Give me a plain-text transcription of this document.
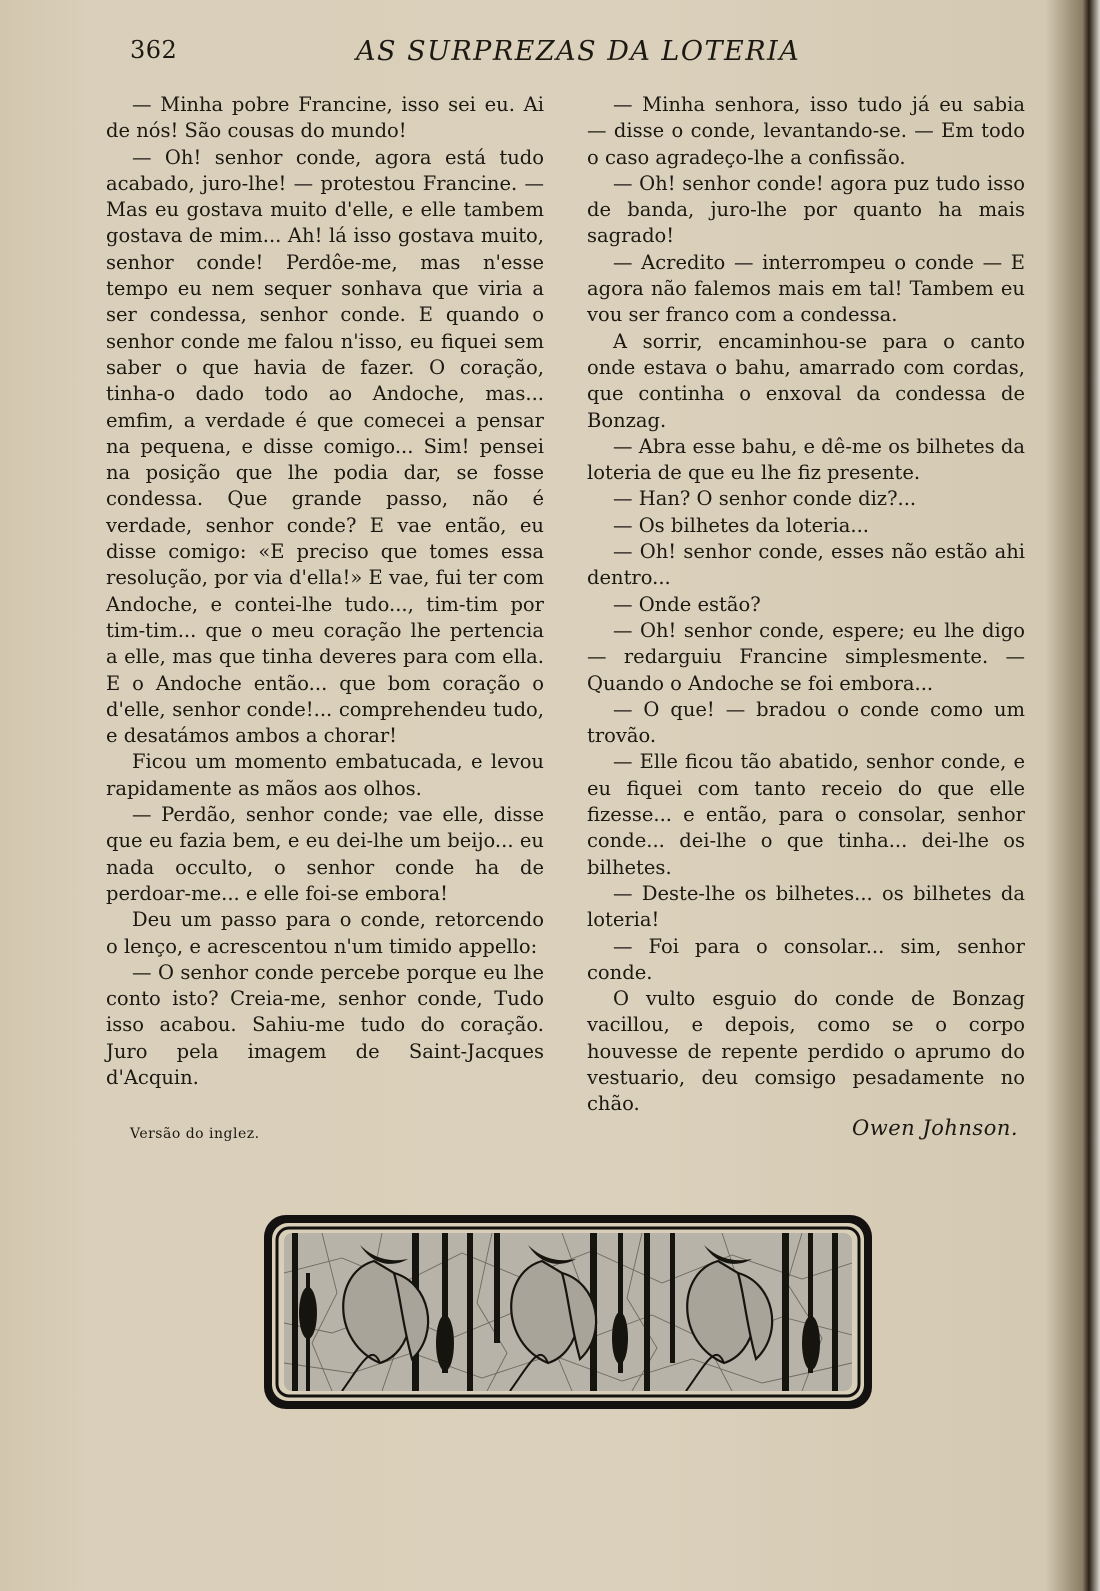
362	AS SURPREZAS DA LOTERIA

— Minha pobre Francine, isso sei eu. Ai de nós! São cousas do mundo!

— Oh! senhor conde, agora está tudo acabado, juro-lhe! — protestou Francine. — Mas eu gostava muito d'elle, e elle tambem gostava de mim... Ah! lá isso gostava muito, senhor conde! Perdôe-me, mas n'esse tempo eu nem sequer sonhava que viria a ser condessa, senhor conde. E quando o senhor conde me falou n'isso, eu fiquei sem saber o que havia de fazer. O coração, tinha-o dado todo ao Andoche, mas... emfim, a verdade é que comecei a pensar na pequena, e disse comigo... Sim! pensei na posição que lhe podia dar, se fosse condessa. Que grande passo, não é verdade, senhor conde? E vae então, eu disse comigo: «E preciso que tomes essa resolução, por via d'ella!» E vae, fui ter com Andoche, e contei-lhe tudo..., tim-tim por tim-tim... que o meu coração lhe pertencia a elle, mas que tinha deveres para com ella. E o Andoche então... que bom coração o d'elle, senhor conde!... comprehendeu tudo, e desatámos ambos a chorar!

Ficou um momento embatucada, e levou rapidamente as mãos aos olhos.

— Perdão, senhor conde; vae elle, disse que eu fazia bem, e eu dei-lhe um beijo... eu nada occulto, o senhor conde ha de perdoar-me... e elle foi-se embora!

Deu um passo para o conde, retorcendo o lenço, e acrescentou n'um timido appello:

— O senhor conde percebe porque eu lhe conto isto? Creia-me, senhor conde, Tudo isso acabou. Sahiu-me tudo do coração. Juro pela imagem de Saint-Jacques d'Acquin.

— Minha senhora, isso tudo já eu sabia — disse o conde, levantando-se. — Em todo o caso agradeço-lhe a confissão.

— Oh! senhor conde! agora puz tudo isso de banda, juro-lhe por quanto ha mais sagrado!

— Acredito — interrompeu o conde — E agora não falemos mais em tal! Tambem eu vou ser franco com a condessa.

A sorrir, encaminhou-se para o canto onde estava o bahu, amarrado com cordas, que continha o enxoval da condessa de Bonzag.

— Abra esse bahu, e dê-me os bilhetes da loteria de que eu lhe fiz presente.

— Han? O senhor conde diz?...

— Os bilhetes da loteria...

— Oh! senhor conde, esses não estão ahi dentro...

— Onde estão?

— Oh! senhor conde, espere; eu lhe digo — redarguiu Francine simplesmente. — Quando o Andoche se foi embora...

— O que! — bradou o conde como um trovão.

— Elle ficou tão abatido, senhor conde, e eu fiquei com tanto receio do que elle fizesse... e então, para o consolar, senhor conde... dei-lhe o que tinha... dei-lhe os bilhetes.

— Deste-lhe os bilhetes... os bilhetes da loteria!

— Foi para o consolar... sim, senhor conde.

O vulto esguio do conde de Bonzag vacillou, e depois, como se o corpo houvesse de repente perdido o aprumo do vestuario, deu comsigo pesadamente no chão.

Versão do inglez.	Owen Johnson.
